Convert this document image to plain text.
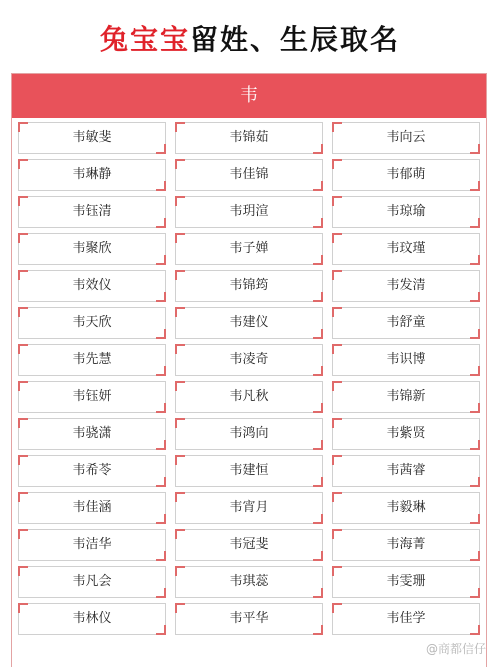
兔宝宝留姓、生辰取名
韦
韦敏斐	韦锦茹	韦向云
韦琳静	韦佳锦	韦郁萌
韦钰清	韦玥渲	韦琼瑜
韦聚欣	韦子婵	韦玟瑾
韦效仪	韦锦筠	韦发清
韦天欣	韦建仪	韦舒童
韦先慧	韦凌奇	韦识博
韦钰妍	韦凡秋	韦锦新
韦骁潇	韦鸿向	韦紫贤
韦希苓	韦建恒	韦茜睿
韦佳涵	韦宵月	韦毅琳
韦洁华	韦冠斐	韦海菁
韦凡会	韦琪蕊	韦雯珊
韦林仪	韦平华	韦佳学
@商都信仔
